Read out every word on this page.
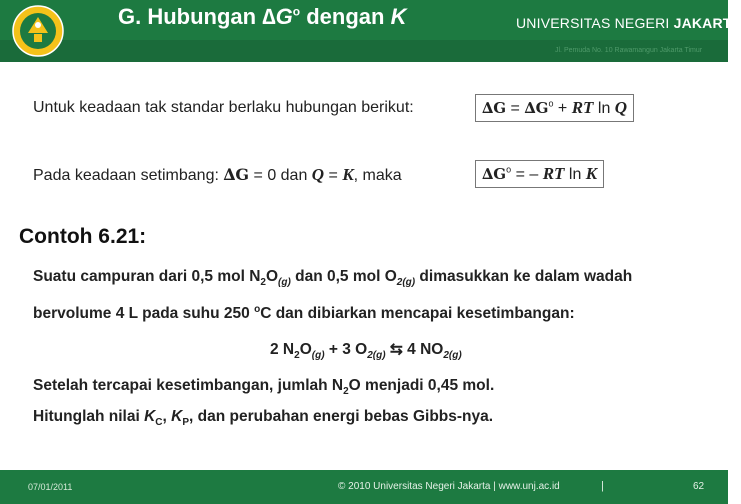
G. Hubungan $\Delta G^o$ dengan K	UNIVERSITAS NEGERI JAKARTA
Jl. Pemuda No. 10 Rawamangun Jakarta Timur
Untuk keadaan tak standar berlaku hubungan berikut:	$\Delta G = \Delta G^o$ + RT ln Q
Pada keadaan setimbang: ∆G = 0 dan Q = K, maka	$\Delta G^o$ = – RT ln K
Contoh 6.21:
Suatu campuran dari 0,5 mol $N_2O_{(g)}$ dan 0,5 mol $O_{2(g)}$ dimasukkan ke dalam wadah
bervolume 4 L pada suhu 250 $^o$C dan dibiarkan mencapai kesetimbangan:
2 $N_2O_{(g)} + 3$ $O_{2(g)}$ ⇆ 4 $NO_{2(g)}$
Setelah tercapai kesetimbangan, jumlah $N_2O$ menjadi 0,45 mol.
Hitunglah nilai $K_C$, $K_P$, dan perubahan energi bebas Gibbs-nya.
07/01/2011	© 2010 Universitas Negeri Jakarta | www.unj.ac.id	|	62
